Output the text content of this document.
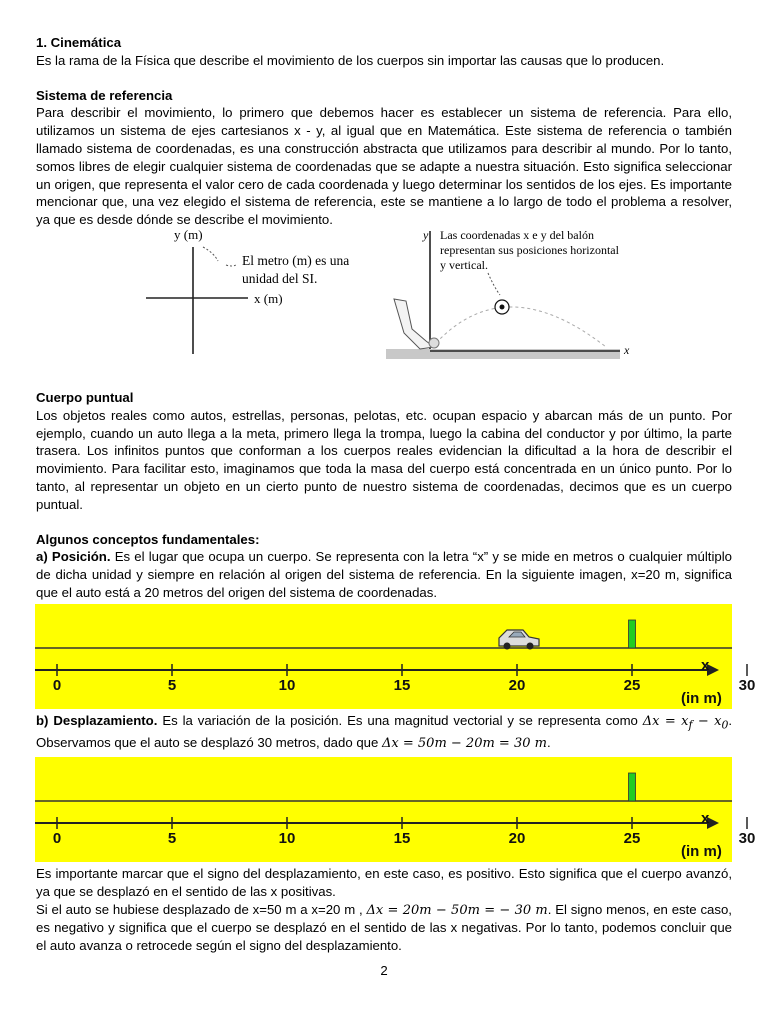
1. Cinemática
Es la rama de la Física que describe el movimiento de los cuerpos sin importar las causas que lo producen.
Sistema de referencia
Para describir el movimiento, lo primero que debemos hacer es establecer un sistema de referencia. Para ello, utilizamos un sistema de ejes cartesianos x - y, al igual que en Matemática. Este sistema de referencia o también llamado sistema de coordenadas, es una construcción abstracta que utilizamos para describir al mundo. Por lo tanto, somos libres de elegir cualquier sistema de coordenadas que se adapte a nuestra situación. Esto significa seleccionar un origen, que representa el valor cero de cada coordenada y luego determinar los sentidos de los ejes. Es importante mencionar que, una vez elegido el sistema de referencia, este se mantiene a lo largo de todo el problema a resolver, ya que es desde dónde se describe el movimiento.
y (m)
x (m)
El metro (m) es una
unidad del SI.
y
x
Las coordenadas x e y del balón
representan sus posiciones horizontal
y vertical.
Cuerpo puntual
Los objetos reales como autos, estrellas, personas, pelotas, etc. ocupan espacio y abarcan más de un punto. Por ejemplo, cuando un auto llega a la meta, primero llega la trompa, luego la cabina del conductor y por último, la parte trasera. Los infinitos puntos que conforman a los cuerpos reales evidencian la dificultad a la hora de describir el movimiento. Para facilitar esto, imaginamos que toda la masa del cuerpo está concentrada en un único punto. Por lo tanto, al representar un objeto en un cierto punto de nuestro sistema de coordenadas, decimos que es un cuerpo puntual.
Algunos conceptos fundamentales:
a) Posición. Es el lugar que ocupa un cuerpo. Se representa con la letra “x” y se mide en metros o cualquier múltiplo de dicha unidad y siempre en relación al origen del sistema de referencia. En la siguiente imagen, x=20 m, significa que el auto está a 20 metros del origen del sistema de coordenadas.
0	5	10	15	20	25	30
x
(in m)
b) Desplazamiento. Es la variación de la posición. Es una magnitud vectorial y se representa como $\Delta x = x_f - x_0$. Observamos que el auto se desplazó 30 metros, dado que Δx = 50m − 20m = 30 m.
0	5	10	15	20	25	30
x
(in m)
Es importante marcar que el signo del desplazamiento, en este caso, es positivo. Esto significa que el cuerpo avanzó, ya que se desplazó en el sentido de las x positivas.
Si el auto se hubiese desplazado de x=50 m a x=20 m , Δx = 20m − 50m = − 30 m. El signo menos, en este caso, es negativo y significa que el cuerpo se desplazó en el sentido de las x negativas. Por lo tanto, podemos concluir que el auto avanza o retrocede según el signo del desplazamiento.
2
